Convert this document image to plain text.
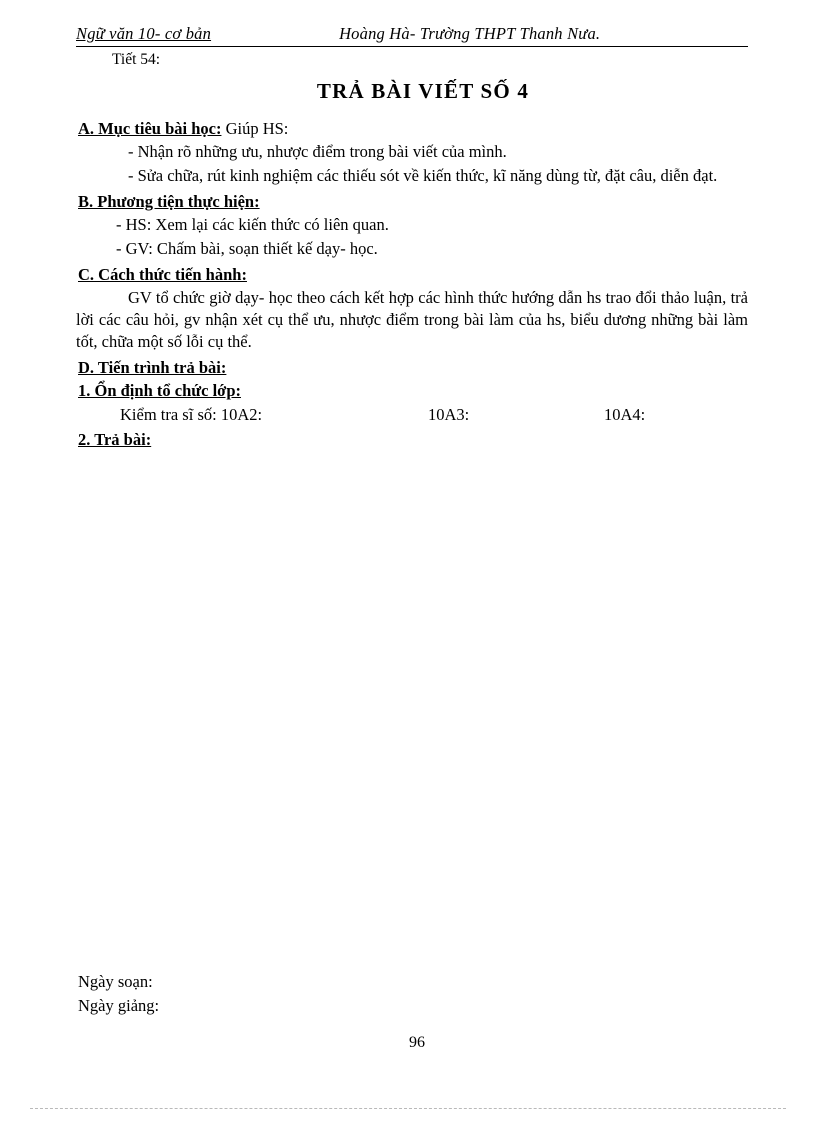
Ngữ văn 10- cơ bản	Hoàng Hà- Trường THPT Thanh Nưa.
Tiết 54:
TRẢ BÀI VIẾT SỐ 4
A. Mục tiêu bài học: Giúp HS:
- Nhận rõ những ưu, nhược điểm trong bài viết của mình.
- Sửa chữa, rút kinh nghiệm các thiếu sót về kiến thức, kĩ năng dùng từ, đặt câu, diễn đạt.
B. Phương tiện thực hiện:
- HS: Xem lại các kiến thức có liên quan.
- GV: Chấm bài, soạn thiết kế dạy- học.
C. Cách thức tiến hành:
GV tổ chức giờ dạy- học theo cách kết hợp các hình thức hướng dẫn hs trao đổi thảo luận, trả lời các câu hỏi, gv nhận xét cụ thể ưu, nhược điểm trong bài làm của hs, biểu dương những bài làm tốt, chữa một số lỗi cụ thể.
D. Tiến trình trả bài:
1. Ổn định tổ chức lớp:
Kiểm tra sĩ số: 10A2:	10A3:	10A4:
2. Trả bài:
Ngày soạn:
Ngày giảng:
96
